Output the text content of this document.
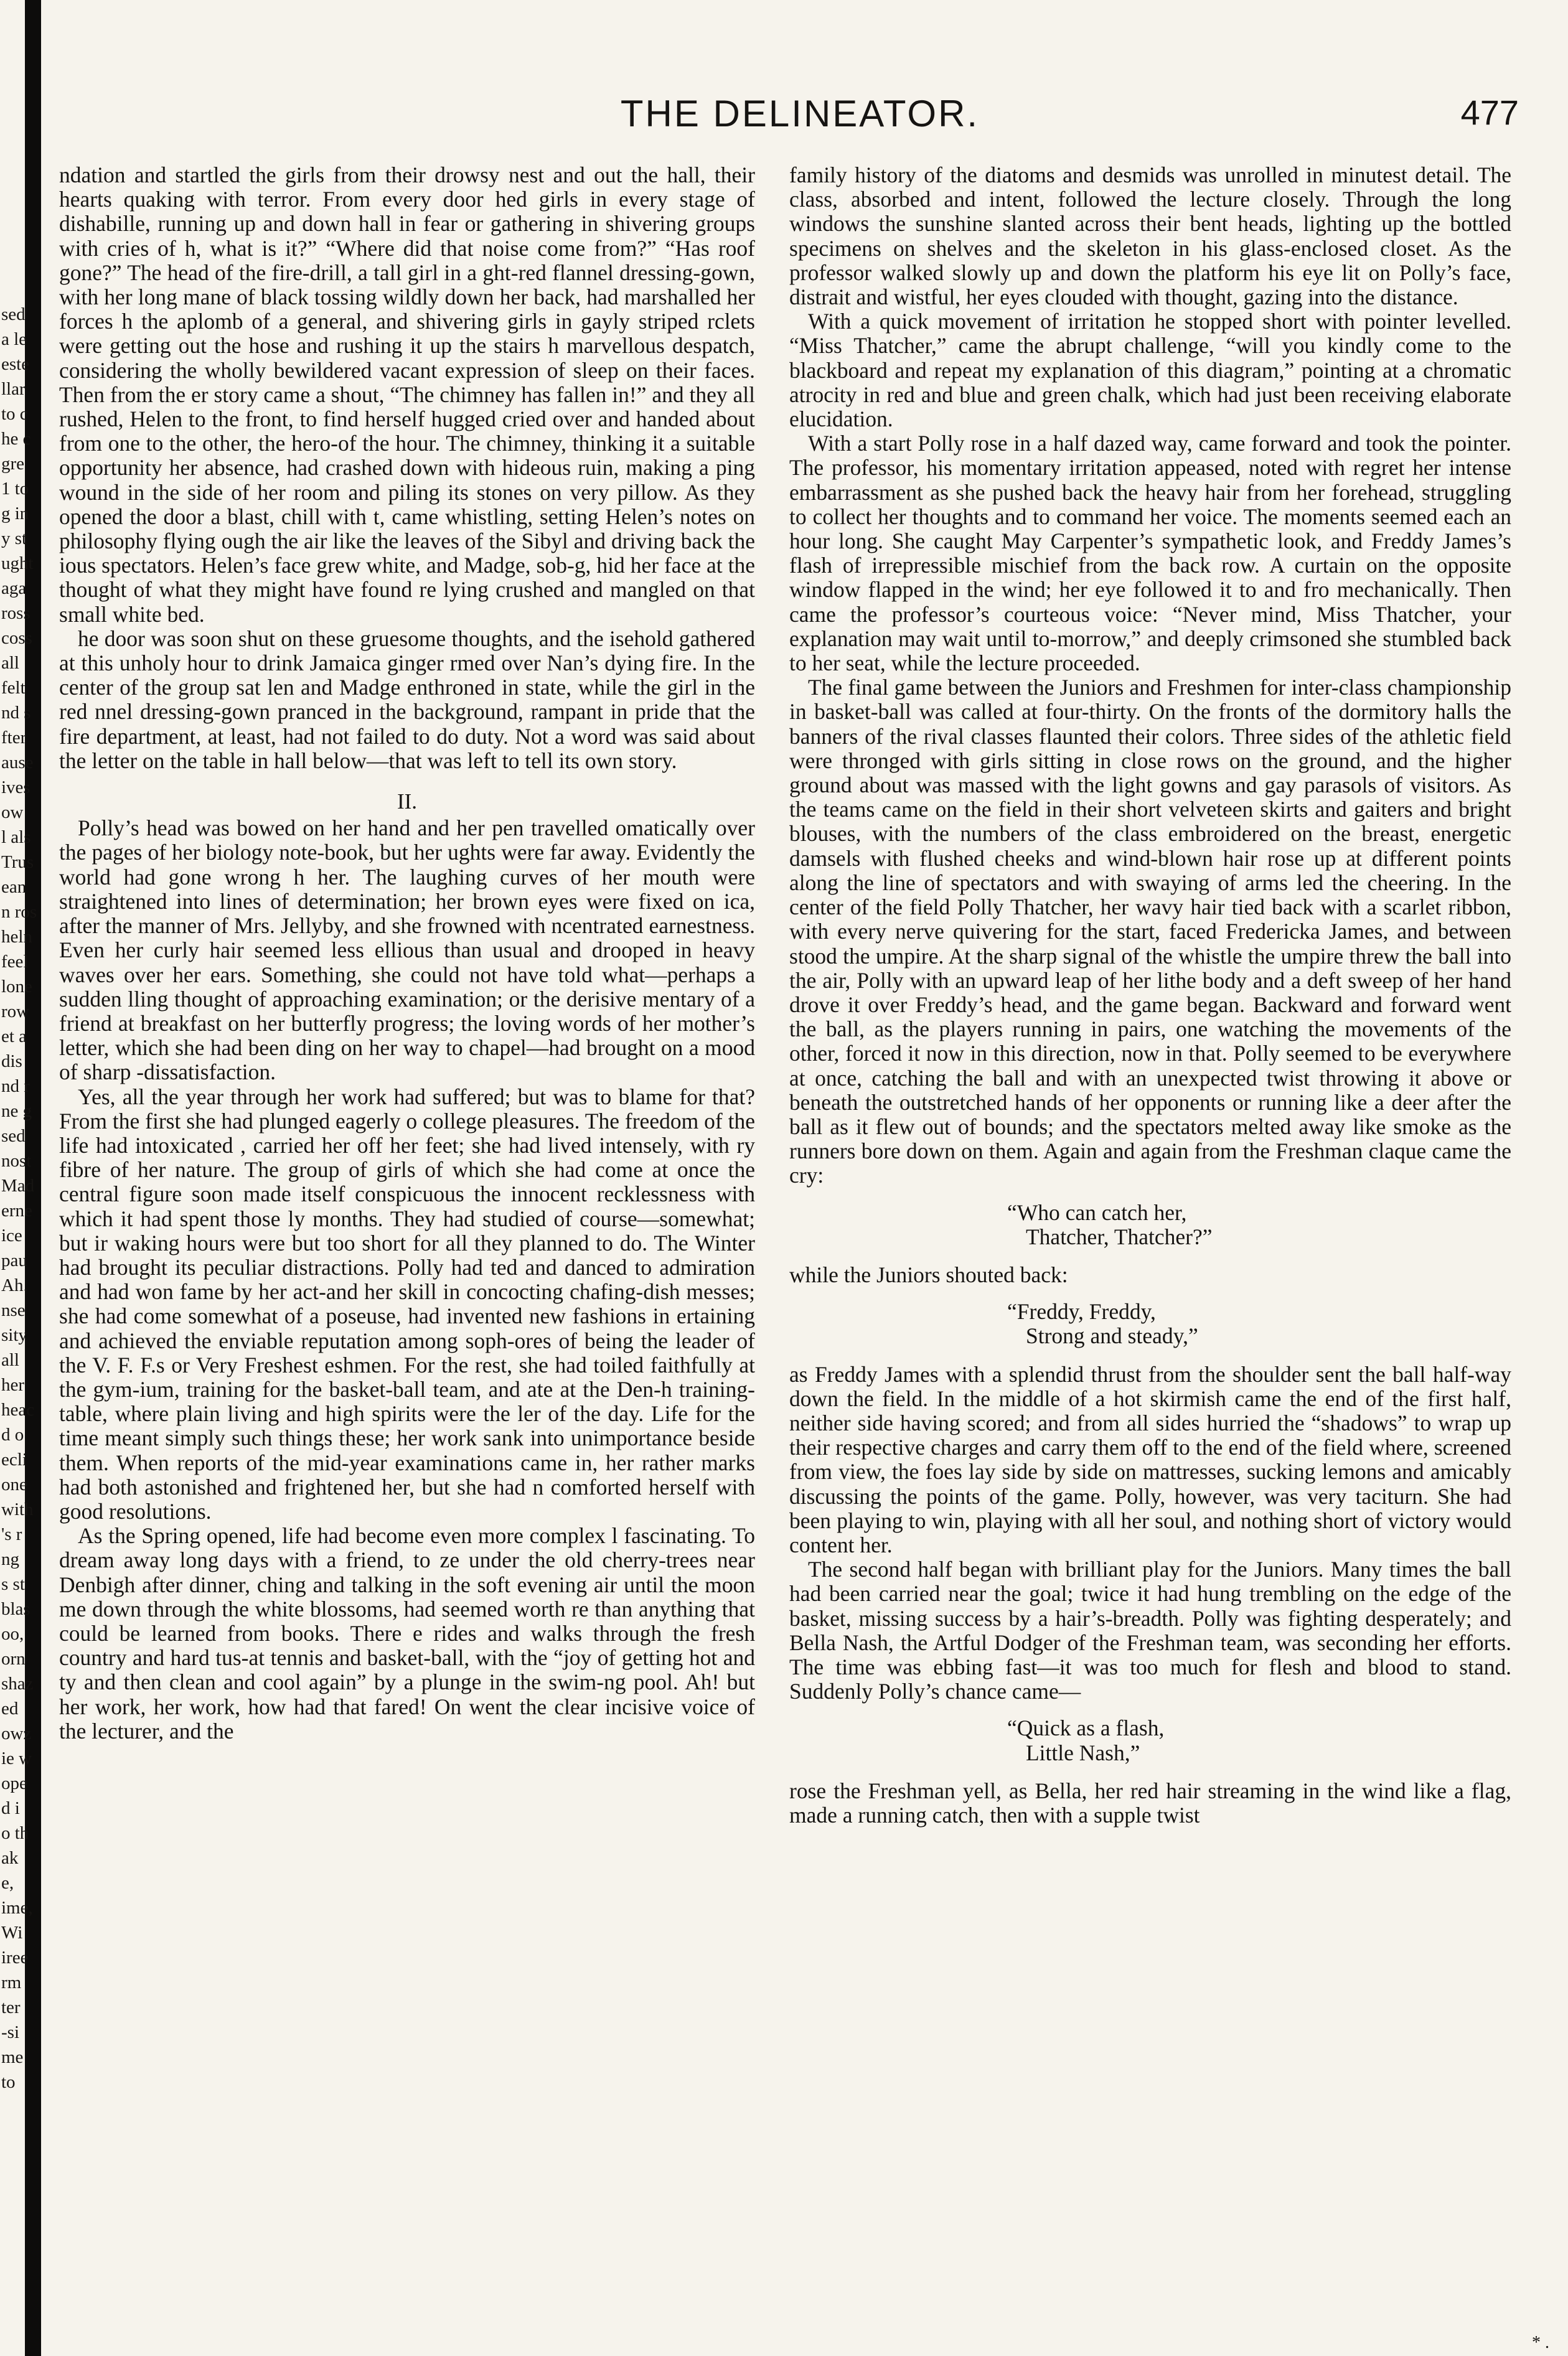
sed
a le
este
llar
to c
he c
gre
1 to
g in
y st
ught
aga
ross
coss
all
felt
nd s
fter
ause
ives
ow
l als
Trus
ean
n ros
heln
feel
lone
row
et a
dis
nd r
ne g
sed
nost
Mad
erne
ice
pau
Ah.
nse
sity
all
her
heac
d o
ecli
one
with
's r
ng
s st
blas
oo,
orn
shaz
ed
owz
ie w
ope
d i
o th
ak
e,
ime,
Wi
iree
rm
ter
-si
me
to
THE DELINEATOR.	477

ndation and startled the girls from their drowsy nest and out the hall, their hearts quaking with terror. From every door hed girls in every stage of dishabille, running up and down hall in fear or gathering in shivering groups with cries of h, what is it?” “Where did that noise come from?” “Has roof gone?” The head of the fire-drill, a tall girl in a ght-red flannel dressing-gown, with her long mane of black tossing wildly down her back, had marshalled her forces h the aplomb of a general, and shivering girls in gayly striped rclets were getting out the hose and rushing it up the stairs h marvellous despatch, considering the wholly bewildered vacant expression of sleep on their faces. Then from the er story came a shout, “The chimney has fallen in!” and they all rushed, Helen to the front, to find herself hugged cried over and handed about from one to the other, the hero-of the hour. The chimney, thinking it a suitable opportunity her absence, had crashed down with hideous ruin, making a ping wound in the side of her room and piling its stones on very pillow. As they opened the door a blast, chill with t, came whistling, setting Helen’s notes on philosophy flying ough the air like the leaves of the Sibyl and driving back the ious spectators. Helen’s face grew white, and Madge, sob-g, hid her face at the thought of what they might have found re lying crushed and mangled on that small white bed.

he door was soon shut on these gruesome thoughts, and the isehold gathered at this unholy hour to drink Jamaica ginger rmed over Nan’s dying fire. In the center of the group sat len and Madge enthroned in state, while the girl in the red nnel dressing-gown pranced in the background, rampant in pride that the fire department, at least, had not failed to do duty. Not a word was said about the letter on the table in hall below—that was left to tell its own story.

II.

Polly’s head was bowed on her hand and her pen travelled omatically over the pages of her biology note-book, but her ughts were far away. Evidently the world had gone wrong h her. The laughing curves of her mouth were straightened into lines of determination; her brown eyes were fixed on ica, after the manner of Mrs. Jellyby, and she frowned with ncentrated earnestness. Even her curly hair seemed less ellious than usual and drooped in heavy waves over her ears. Something, she could not have told what—perhaps a sudden lling thought of approaching examination; or the derisive mentary of a friend at breakfast on her butterfly progress; the loving words of her mother’s letter, which she had been ding on her way to chapel—had brought on a mood of sharp -dissatisfaction.

Yes, all the year through her work had suffered; but was to blame for that? From the first she had plunged eagerly o college pleasures. The freedom of the life had intoxicated , carried her off her feet; she had lived intensely, with ry fibre of her nature. The group of girls of which she had come at once the central figure soon made itself conspicuous the innocent recklessness with which it had spent those ly months. They had studied of course—somewhat; but ir waking hours were but too short for all they planned to do. The Winter had brought its peculiar distractions. Polly had ted and danced to admiration and had won fame by her act-and her skill in concocting chafing-dish messes; she had come somewhat of a poseuse, had invented new fashions in ertaining and achieved the enviable reputation among soph-ores of being the leader of the V. F. F.s or Very Freshest eshmen. For the rest, she had toiled faithfully at the gym-ium, training for the basket-ball team, and ate at the Den-h training-table, where plain living and high spirits were the ler of the day. Life for the time meant simply such things these; her work sank into unimportance beside them. When reports of the mid-year examinations came in, her rather marks had both astonished and frightened her, but she had n comforted herself with good resolutions.

As the Spring opened, life had become even more complex l fascinating. To dream away long days with a friend, to ze under the old cherry-trees near Denbigh after dinner, ching and talking in the soft evening air until the moon me down through the white blossoms, had seemed worth re than anything that could be learned from books. There e rides and walks through the fresh country and hard tus-at tennis and basket-ball, with the “joy of getting hot and ty and then clean and cool again” by a plunge in the swim-ng pool. Ah! but her work, her work, how had that fared! On went the clear incisive voice of the lecturer, and the

family history of the diatoms and desmids was unrolled in minutest detail. The class, absorbed and intent, followed the lecture closely. Through the long windows the sunshine slanted across their bent heads, lighting up the bottled specimens on shelves and the skeleton in his glass-enclosed closet. As the professor walked slowly up and down the platform his eye lit on Polly’s face, distrait and wistful, her eyes clouded with thought, gazing into the distance.

With a quick movement of irritation he stopped short with pointer levelled. “Miss Thatcher,” came the abrupt challenge, “will you kindly come to the blackboard and repeat my explanation of this diagram,” pointing at a chromatic atrocity in red and blue and green chalk, which had just been receiving elaborate elucidation.

With a start Polly rose in a half dazed way, came forward and took the pointer. The professor, his momentary irritation appeased, noted with regret her intense embarrassment as she pushed back the heavy hair from her forehead, struggling to collect her thoughts and to command her voice. The moments seemed each an hour long. She caught May Carpenter’s sympathetic look, and Freddy James’s flash of irrepressible mischief from the back row. A curtain on the opposite window flapped in the wind; her eye followed it to and fro mechanically. Then came the professor’s courteous voice: “Never mind, Miss Thatcher, your explanation may wait until to-morrow,” and deeply crimsoned she stumbled back to her seat, while the lecture proceeded.

The final game between the Juniors and Freshmen for inter-class championship in basket-ball was called at four-thirty. On the fronts of the dormitory halls the banners of the rival classes flaunted their colors. Three sides of the athletic field were thronged with girls sitting in close rows on the ground, and the higher ground about was massed with the light gowns and gay parasols of visitors. As the teams came on the field in their short velveteen skirts and gaiters and bright blouses, with the numbers of the class embroidered on the breast, energetic damsels with flushed cheeks and wind-blown hair rose up at different points along the line of spectators and with swaying of arms led the cheering. In the center of the field Polly Thatcher, her wavy hair tied back with a scarlet ribbon, with every nerve quivering for the start, faced Fredericka James, and between stood the umpire. At the sharp signal of the whistle the umpire threw the ball into the air, Polly with an upward leap of her lithe body and a deft sweep of her hand drove it over Freddy’s head, and the game began. Backward and forward went the ball, as the players running in pairs, one watching the movements of the other, forced it now in this direction, now in that. Polly seemed to be everywhere at once, catching the ball and with an unexpected twist throwing it above or beneath the outstretched hands of her opponents or running like a deer after the ball as it flew out of bounds; and the spectators melted away like smoke as the runners bore down on them. Again and again from the Freshman claque came the cry:

“Who can catch her,
Thatcher, Thatcher?”

while the Juniors shouted back:

“Freddy, Freddy,
Strong and steady,”

as Freddy James with a splendid thrust from the shoulder sent the ball half-way down the field. In the middle of a hot skirmish came the end of the first half, neither side having scored; and from all sides hurried the “shadows” to wrap up their respective charges and carry them off to the end of the field where, screened from view, the foes lay side by side on mattresses, sucking lemons and amicably discussing the points of the game. Polly, however, was very taciturn. She had been playing to win, playing with all her soul, and nothing short of victory would content her.

The second half began with brilliant play for the Juniors. Many times the ball had been carried near the goal; twice it had hung trembling on the edge of the basket, missing success by a hair’s-breadth. Polly was fighting desperately; and Bella Nash, the Artful Dodger of the Freshman team, was seconding her efforts. The time was ebbing fast—it was too much for flesh and blood to stand. Suddenly Polly’s chance came—

“Quick as a flash,
Little Nash,”

rose the Freshman yell, as Bella, her red hair streaming in the wind like a flag, made a running catch, then with a supple twist

* .
